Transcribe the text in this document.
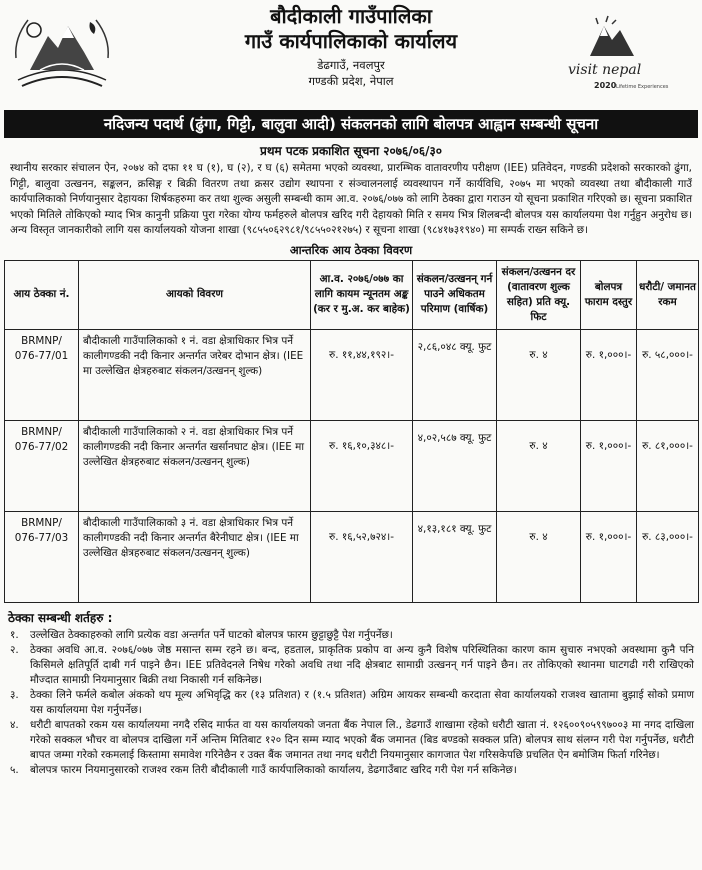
बौदीकाली गाउँपालिका
गाउँ कार्यपालिकाको कार्यालय
डेढगाउँ, नवलपुर
गण्डकी प्रदेश, नेपाल
visit nepal
2020 Lifetime Experiences
नदिजन्य पदार्थ (ढुंगा, गिट्टी, बालुवा आदी) संकलनको लागि बोलपत्र आह्वान सम्बन्धी सूचना
प्रथम पटक प्रकाशित सूचना २०७६/०६/३०
स्थानीय सरकार संचालन ऐन, २०७४ को दफा ११ घ (१), घ (२), र घ (६) समेतमा भएको व्यवस्था, प्रारम्भिक वातावरणीय परीक्षण (IEE) प्रतिवेदन, गण्डकी प्रदेशको सरकारको ढुंगा, गिट्टी, बालुवा उत्खनन, सङ्कलन, क्रसिङ्ग र बिक्री वितरण तथा क्रसर उद्योग स्थापना र संञ्चालनलाई व्यवस्थापन गर्ने कार्यविधि, २०७५ मा भएको व्यवस्था तथा बौदीकाली गाउँ कार्यपालिकाको निर्णयानुसार देहायका शिर्षकहरुमा कर तथा शुल्क असुली सम्बन्धी काम आ.व. २०७६/०७७ को लागि ठेक्का द्वारा गराउन यो सूचना प्रकाशित गरिएको छ। सूचना प्रकाशित भएको मितिले तोकिएको म्याद भित्र कानुनी प्रक्रिया पुरा गरेका योग्य फर्महरुले बोलपत्र खरिद गरी देहायको मिति र समय भित्र शिलबन्दी बोलपत्र यस कार्यालयमा पेश गर्नुहुन अनुरोध छ। अन्य विस्तृत जानकारीको लागि यस कार्यालयको योजना शाखा (९८५५०६२९८१/९८५५०२१२७५) र सूचना शाखा (९८४१७३१९४०) मा सम्पर्क राख्न सकिने छ।
आन्तरिक आय ठेक्का विवरण
आय ठेक्का नं.	आयको विवरण	आ.व. २०७६/०७७ का लागि कायम न्यूनतम अङ्क (कर र मु.अ. कर बाहेक)	संकलन/उत्खनन् गर्न पाउने अधिकतम परिमाण (वार्षिक)	संकलन/उत्खनन दर (वातावरण शुल्क सहित) प्रति क्यू. फिट	बोलपत्र फाराम दस्तुर	धरौटी/ जमानत रकम
BRMNP/ 076-77/01	बौदीकाली गाउँपालिकाको १ नं. वडा क्षेत्राधिकार भित्र पर्ने कालीगण्डकी नदी किनार अन्तर्गत जरेबर दोभान क्षेत्र। (IEE मा उल्लेखित क्षेत्रहरुबाट संकलन/उत्खनन् शुल्क)	रु. ११,४४,१९२।-	२,८६,०४८ क्यू. फुट	रु. ४	रु. १,०००।-	रु. ५८,०००।-
BRMNP/ 076-77/02	बौदीकाली गाउँपालिकाको २ नं. वडा क्षेत्राधिकार भित्र पर्ने कालीगण्डकी नदी किनार अन्तर्गत खर्सानघाट क्षेत्र। (IEE मा उल्लेखित क्षेत्रहरुबाट संकलन/उत्खनन् शुल्क)	रु. १६,१०,३४८।-	४,०२,५८७ क्यू. फुट	रु. ४	रु. १,०००।-	रु. ८१,०००।-
BRMNP/ 076-77/03	बौदीकाली गाउँपालिकाको ३ नं. वडा क्षेत्राधिकार भित्र पर्ने कालीगण्डकी नदी किनार अन्तर्गत बैरेनीघाट क्षेत्र। (IEE मा उल्लेखित क्षेत्रहरुबाट संकलन/उत्खनन् शुल्क)	रु. १६,५२,७२४।-	४,१३,१८१ क्यू. फुट	रु. ४	रु. १,०००।-	रु. ८३,०००।-
ठेक्का सम्बन्धी शर्तहरु :
१. उल्लेखित ठेक्काहरुको लागि प्रत्येक वडा अन्तर्गत पर्ने घाटको बोलपत्र फारम छुट्टाछुट्टै पेश गर्नुपर्नेछ।
२. ठेक्का अवधि आ.व. २०७६/०७७ जेष्ठ मसान्त सम्म रहने छ। बन्द, हडताल, प्राकृतिक प्रकोप वा अन्य कुनै विशेष परिस्थितिका कारण काम सुचारु नभएको अवस्थामा कुनै पनि किसिमले क्षतिपूर्ति दाबी गर्न पाइने छैन। IEE प्रतिवेदनले निषेध गरेको अवधि तथा नदि क्षेत्रबाट सामाग्री उत्खनन् गर्न पाइने छैन। तर तोकिएको स्थानमा घाटगढी गरी राखिएको मौज्दात सामाग्री नियमानुसार बिक्री तथा निकासी गर्न सकिनेछ।
३. ठेक्का लिने फर्मले कबोल अंकको थप मूल्य अभिवृद्धि कर (१३ प्रतिशत) र (१.५ प्रतिशत) अग्रिम आयकर सम्बन्धी करदाता सेवा कार्यालयको राजश्व खातामा बुझाई सोको प्रमाण यस कार्यालयमा पेश गर्नुपर्नेछ।
४. धरौटी बापतको रकम यस कार्यालयमा नगदै रसिद मार्फत वा यस कार्यालयको जनता बैंक नेपाल लि., डेढगाउँ शाखामा रहेको धरौटी खाता नं. १२६००९०५९९७००३ मा नगद दाखिला गरेको सक्कल भौचर वा बोलपत्र दाखिला गर्ने अन्तिम मितिबाट १२० दिन सम्म म्याद भएको बैंक जमानत (बिड बण्डको सक्कल प्रति) बोलपत्र साथ संलग्न गरी पेश गर्नुपर्नेछ, धरौटी बापत जम्मा गरेको रकमलाई किस्तामा समावेश गरिनेछैन र उक्त बैंक जमानत तथा नगद धरौटी नियमानुसार कागजात पेश गरिसकेपछि प्रचलित ऐन बमोजिम फिर्ता गरिनेछ।
५. बोलपत्र फारम नियमानुसारको राजश्व रकम तिरी बौदीकाली गाउँ कार्यपालिकाको कार्यालय, डेढगाउँबाट खरिद गरी पेश गर्न सकिनेछ।
